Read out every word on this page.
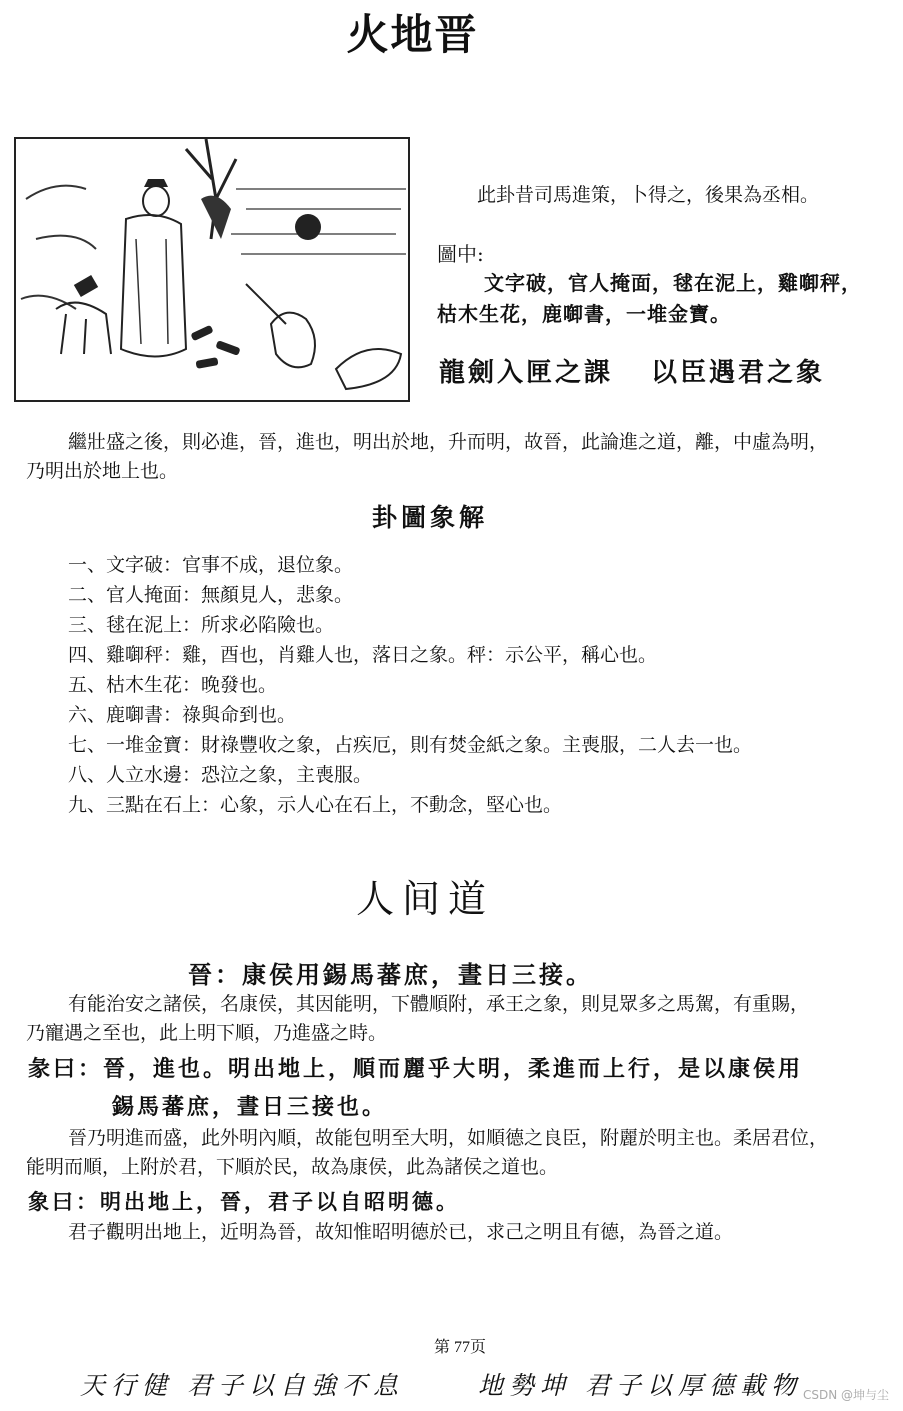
火地晋
此卦昔司馬進策，卜得之，後果為丞相。
圖中:
文字破，官人掩面，毬在泥上，雞啣秤，
枯木生花，鹿啣書，一堆金寶。
龍劍入匣之課 以臣遇君之象
繼壯盛之後，則必進，晉，進也，明出於地，升而明，故晉，此論進之道，離，中虛為明，
乃明出於地上也。
卦圖象解
一、文字破：官事不成，退位象。
二、官人掩面：無顏見人，悲象。
三、毬在泥上：所求必陷險也。
四、雞啣秤：雞，酉也，肖雞人也，落日之象。秤：示公平，稱心也。
五、枯木生花：晚發也。
六、鹿啣書：祿與命到也。
七、一堆金寶：財祿豐收之象，占疾厄，則有焚金紙之象。主喪服，二人去一也。
八、人立水邊：恐泣之象，主喪服。
九、三點在石上：心象，示人心在石上，不動念，堅心也。
人间道
晉：康侯用錫馬蕃庶，晝日三接。
有能治安之諸侯，名康侯，其因能明，下體順附，承王之象，則見眾多之馬駕，有重賜，
乃寵遇之至也，此上明下順，乃進盛之時。
彖曰：晉，進也。明出地上，順而麗乎大明，柔進而上行，是以康侯用
錫馬蕃庶，晝日三接也。
晉乃明進而盛，此外明內順，故能包明至大明，如順德之良臣，附麗於明主也。柔居君位，
能明而順，上附於君，下順於民，故為康侯，此為諸侯之道也。
象曰：明出地上，晉，君子以自昭明德。
君子觀明出地上，近明為晉，故知惟昭明德於已，求己之明且有德，為晉之道。
第 77页
天行健 君子以自強不息	地勢坤 君子以厚德載物 CSDN @坤与尘
